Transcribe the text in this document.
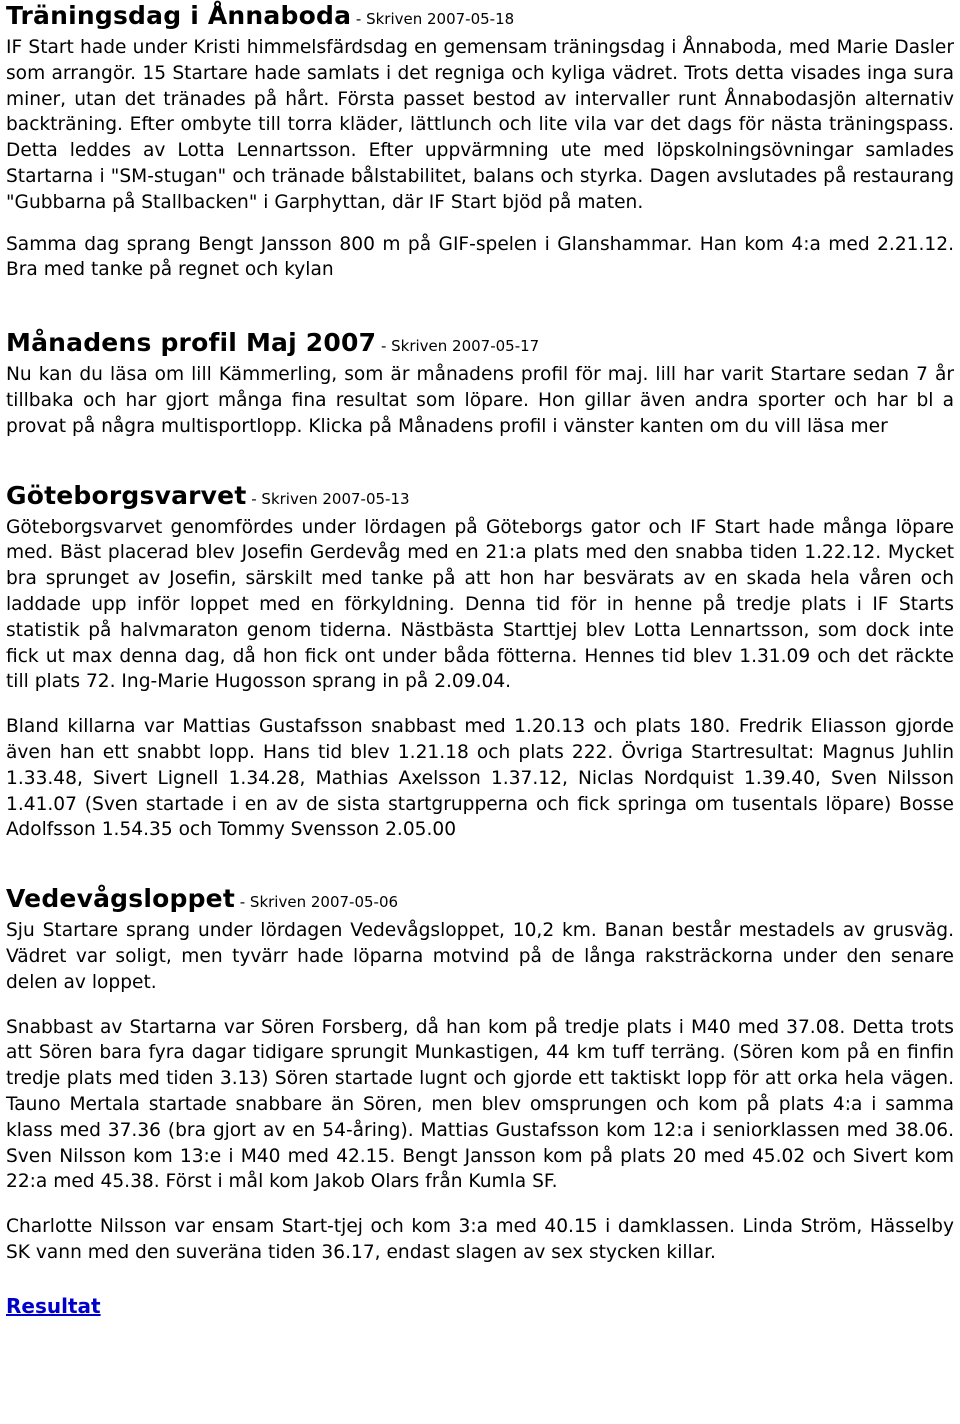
Träningsdag i Ånnaboda - Skriven 2007-05-18

IF Start hade under Kristi himmelsfärdsdag en gemensam träningsdag i Ånnaboda, med Marie Dasler som arrangör. 15 Startare hade samlats i det regniga och kyliga vädret. Trots detta visades inga sura miner, utan det tränades på hårt. Första passet bestod av intervaller runt Ånnabodasjön alternativ backträning. Efter ombyte till torra kläder, lättlunch och lite vila var det dags för nästa träningspass. Detta leddes av Lotta Lennartsson. Efter uppvärmning ute med löpskolningsövningar samlades Startarna i "SM-stugan" och tränade bålstabilitet, balans och styrka. Dagen avslutades på restaurang "Gubbarna på Stallbacken" i Garphyttan, där IF Start bjöd på maten.

Samma dag sprang Bengt Jansson 800 m på GIF-spelen i Glanshammar. Han kom 4:a med 2.21.12. Bra med tanke på regnet och kylan

Månadens profil Maj 2007 - Skriven 2007-05-17

Nu kan du läsa om lill Kämmerling, som är månadens profil för maj. lill har varit Startare sedan 7 år tillbaka och har gjort många fina resultat som löpare. Hon gillar även andra sporter och har bl a provat på några multisportlopp. Klicka på Månadens profil i vänster kanten om du vill läsa mer

Göteborgsvarvet - Skriven 2007-05-13

Göteborgsvarvet genomfördes under lördagen på Göteborgs gator och IF Start hade många löpare med. Bäst placerad blev Josefin Gerdevåg med en 21:a plats med den snabba tiden 1.22.12. Mycket bra sprunget av Josefin, särskilt med tanke på att hon har besvärats av en skada hela våren och laddade upp inför loppet med en förkyldning. Denna tid för in henne på tredje plats i IF Starts statistik på halvmaraton genom tiderna. Nästbästa Starttjej blev Lotta Lennartsson, som dock inte fick ut max denna dag, då hon fick ont under båda fötterna. Hennes tid blev 1.31.09 och det räckte till plats 72. Ing-Marie Hugosson sprang in på 2.09.04.

Bland killarna var Mattias Gustafsson snabbast med 1.20.13 och plats 180. Fredrik Eliasson gjorde även han ett snabbt lopp. Hans tid blev 1.21.18 och plats 222. Övriga Startresultat: Magnus Juhlin 1.33.48, Sivert Lignell 1.34.28, Mathias Axelsson 1.37.12, Niclas Nordquist 1.39.40, Sven Nilsson 1.41.07 (Sven startade i en av de sista startgrupperna och fick springa om tusentals löpare) Bosse Adolfsson 1.54.35 och Tommy Svensson 2.05.00

Vedevågsloppet - Skriven 2007-05-06

Sju Startare sprang under lördagen Vedevågsloppet, 10,2 km. Banan består mestadels av grusväg. Vädret var soligt, men tyvärr hade löparna motvind på de långa raksträckorna under den senare delen av loppet.

Snabbast av Startarna var Sören Forsberg, då han kom på tredje plats i M40 med 37.08. Detta trots att Sören bara fyra dagar tidigare sprungit Munkastigen, 44 km tuff terräng. (Sören kom på en finfin tredje plats med tiden 3.13) Sören startade lugnt och gjorde ett taktiskt lopp för att orka hela vägen. Tauno Mertala startade snabbare än Sören, men blev omsprungen och kom på plats 4:a i samma klass med 37.36 (bra gjort av en 54-åring). Mattias Gustafsson kom 12:a i seniorklassen med 38.06. Sven Nilsson kom 13:e i M40 med 42.15. Bengt Jansson kom på plats 20 med 45.02 och Sivert kom 22:a med 45.38. Först i mål kom Jakob Olars från Kumla SF.

Charlotte Nilsson var ensam Start-tjej och kom 3:a med 40.15 i damklassen. Linda Ström, Hässelby SK vann med den suveräna tiden 36.17, endast slagen av sex stycken killar.

Resultat
